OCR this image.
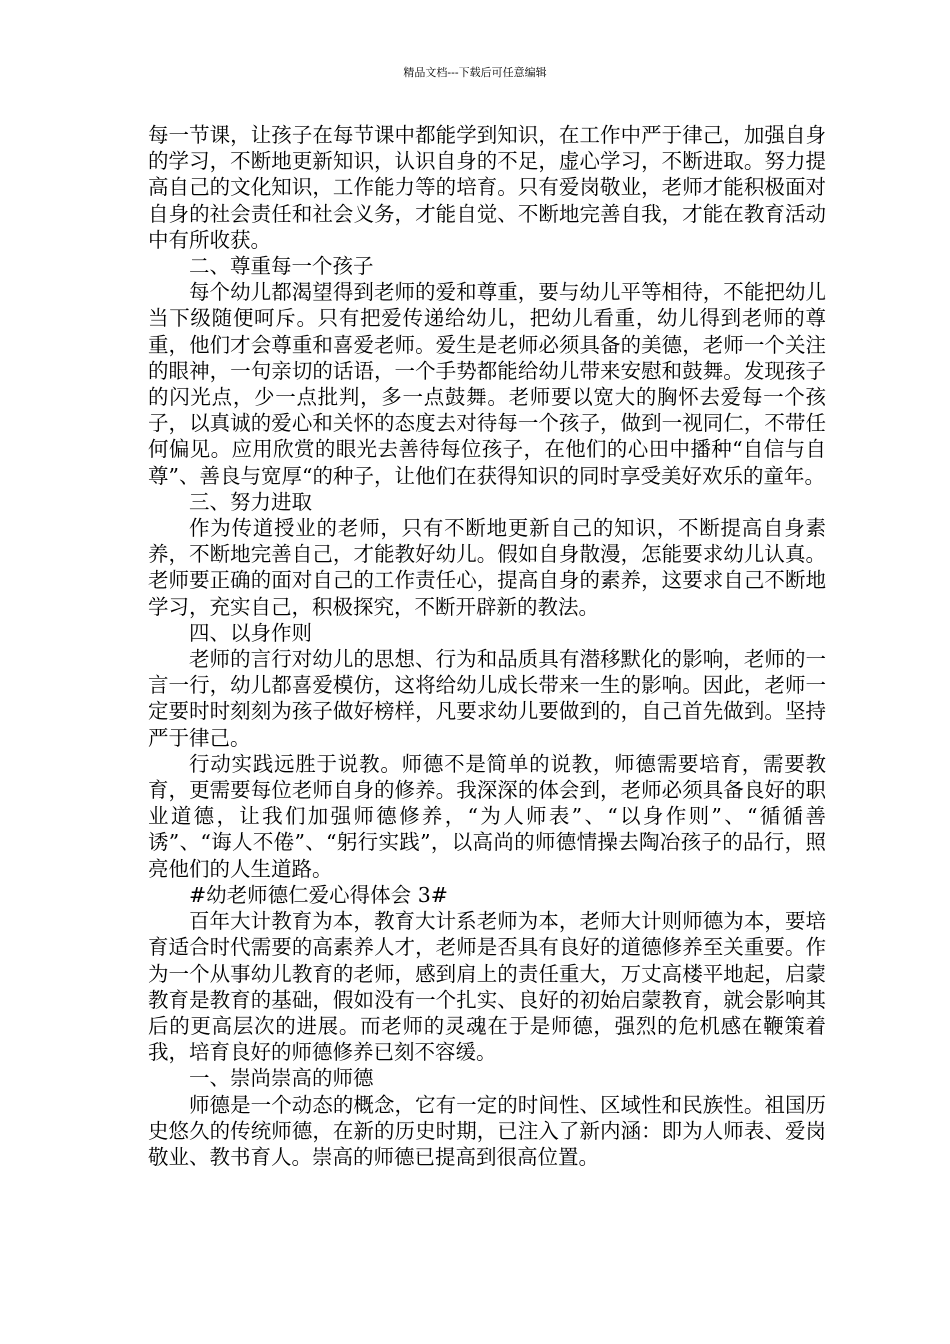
精品文档---下载后可任意编辑

每一节课，让孩子在每节课中都能学到知识，在工作中严于律己，加强自身的学习，不断地更新知识，认识自身的不足，虚心学习，不断进取。努力提高自己的文化知识，工作能力等的培育。只有爱岗敬业，老师才能积极面对自身的社会责任和社会义务，才能自觉、不断地完善自我，才能在教育活动中有所收获。

二、尊重每一个孩子

每个幼儿都渴望得到老师的爱和尊重，要与幼儿平等相待，不能把幼儿当下级随便呵斥。只有把爱传递给幼儿，把幼儿看重，幼儿得到老师的尊重，他们才会尊重和喜爱老师。爱生是老师必须具备的美德，老师一个关注的眼神，一句亲切的话语，一个手势都能给幼儿带来安慰和鼓舞。发现孩子的闪光点，少一点批判，多一点鼓舞。老师要以宽大的胸怀去爱每一个孩子，以真诚的爱心和关怀的态度去对待每一个孩子，做到一视同仁，不带任何偏见。应用欣赏的眼光去善待每位孩子，在他们的心田中播种“自信与自尊”、善良与宽厚“的种子，让他们在获得知识的同时享受美好欢乐的童年。

三、努力进取

作为传道授业的老师，只有不断地更新自己的知识，不断提高自身素养，不断地完善自己，才能教好幼儿。假如自身散漫，怎能要求幼儿认真。老师要正确的面对自己的工作责任心，提高自身的素养，这要求自己不断地学习，充实自己，积极探究，不断开辟新的教法。

四、以身作则

老师的言行对幼儿的思想、行为和品质具有潜移默化的影响，老师的一言一行，幼儿都喜爱模仿，这将给幼儿成长带来一生的影响。因此，老师一定要时时刻刻为孩子做好榜样，凡要求幼儿要做到的，自己首先做到。坚持严于律己。

行动实践远胜于说教。师德不是简单的说教，师德需要培育，需要教育，更需要每位老师自身的修养。我深深的体会到，老师必须具备良好的职业道德，让我们加强师德修养，“为人师表”、“以身作则”、“循循善诱”、“诲人不倦”、“躬行实践”，以高尚的师德情操去陶冶孩子的品行，照亮他们的人生道路。

#幼老师德仁爱心得体会 3#

百年大计教育为本，教育大计系老师为本，老师大计则师德为本，要培育适合时代需要的高素养人才，老师是否具有良好的道德修养至关重要。作为一个从事幼儿教育的老师，感到肩上的责任重大，万丈高楼平地起，启蒙教育是教育的基础，假如没有一个扎实、良好的初始启蒙教育，就会影响其后的更高层次的进展。而老师的灵魂在于是师德，强烈的危机感在鞭策着我，培育良好的师德修养已刻不容缓。

一、崇尚崇高的师德

师德是一个动态的概念，它有一定的时间性、区域性和民族性。祖国历史悠久的传统师德，在新的历史时期，已注入了新内涵：即为人师表、爱岗敬业、教书育人。崇高的师德已提高到很高位置。
